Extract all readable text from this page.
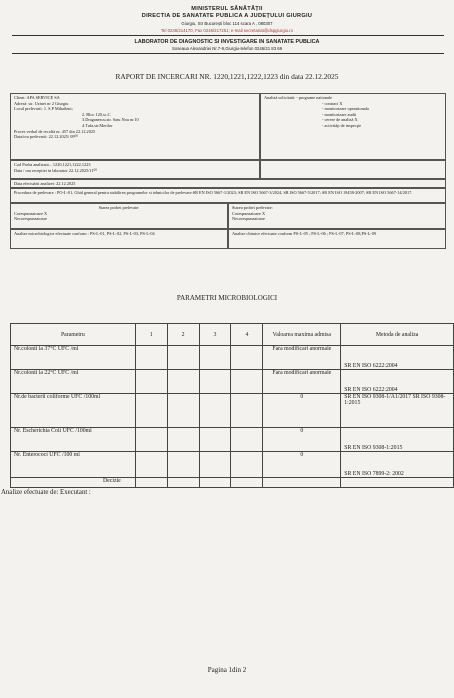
MINISTERUL SĂNĂTĂȚII
DIRECTIA DE SANATATE PUBLICA A JUDEȚULUI GIURGIU
Giurgiu, Str București bloc 114 scara A , 080307
Tel 0246/214170, Fax 0246/217251; e-mail secretariat@dspgiurgiu.ro
LABORATOR DE DIAGNOSTIC SI INVESTIGARE IN SANATATE PUBLICA
Soseaua Alexandriei Nr.7-9,Giurgiu-telefon 0246/21 83 69
RAPORT DE INCERCARI NR. 1220,1221,1222,1223 din data 22.12.2025
Client: APA SERVICE SA
Adresă: str. Uzinei nr 2 Giurgiu
Locul prelevarii: 1. S.P Mihaileni;
2. Bloc 120,sc.C
3.Draganescu,str. Satu Nou nr.10
4.Tufa,str.Merilor
Proces verbal de recoltă nr. 457 din 22.12.2025
Data/ora prelevarii: 22.12.2025/ 09⁰⁰
Analiză solicitată: - programe nationale
- contract X
- monitorizare operationala
- monitorizare audit
- cerere de analiză X
- activităţi de inspecţie
Cod Proba analizata – 1220,1221,1222,1223
Data / ora receptiei in laborator 22.12.2025/11⁰⁰
Data efectuării analizei: 22.12.2025
Procedura de prelevare : PO-L-01, Ghid general pentru stabilirea programelor si tehnicilor de prelevare:SR EN ISO 5667-1/2023; SR EN ISO 5667-3/2024, SR ISO 5667-5/2017; SR EN ISO 19458-2007; SR EN ISO 5667-14/2017.
Starea probei prelevate:
Corespunzatoare X
Necorespunzatoare
Starea probei prelevate:
Corespunzatoare X
Necorespunzatoare
Analize microbiologice efectuate conform : PS-L-01, PS-L-02, PS-L-03, PS-L-04	Analize chimice efectuate conform PS-L-05 ; PS-L-06 ; PS-L-07, PS-L-08,PS-L-09
PARAMETRI MICROBIOLOGICI
Parametru	1	2	3	4	Valoarea maxima admisa	Metoda de analiza
Nr.colonii la 37°C UFC /ml					Fara modificari anormale	SR EN ISO 6222:2004
Nr.colonii la 22°C UFC /ml					Fara modificari anormale	SR EN ISO 6222:2004
Nr.de bacterii coliforme UFC /100ml					0	SR EN ISO 9308-1/A1/2017 SR ISO 9308-1:2015
Nr. Escherichia Coli UFC /100ml					0	SR EN ISO 9308-1:2015
Nr. Enterococi UFC /100 ml					0	SR EN ISO 7899-2: 2002
Decizie						
Analize efectuate de: Executant :
Pagina 1din 2
